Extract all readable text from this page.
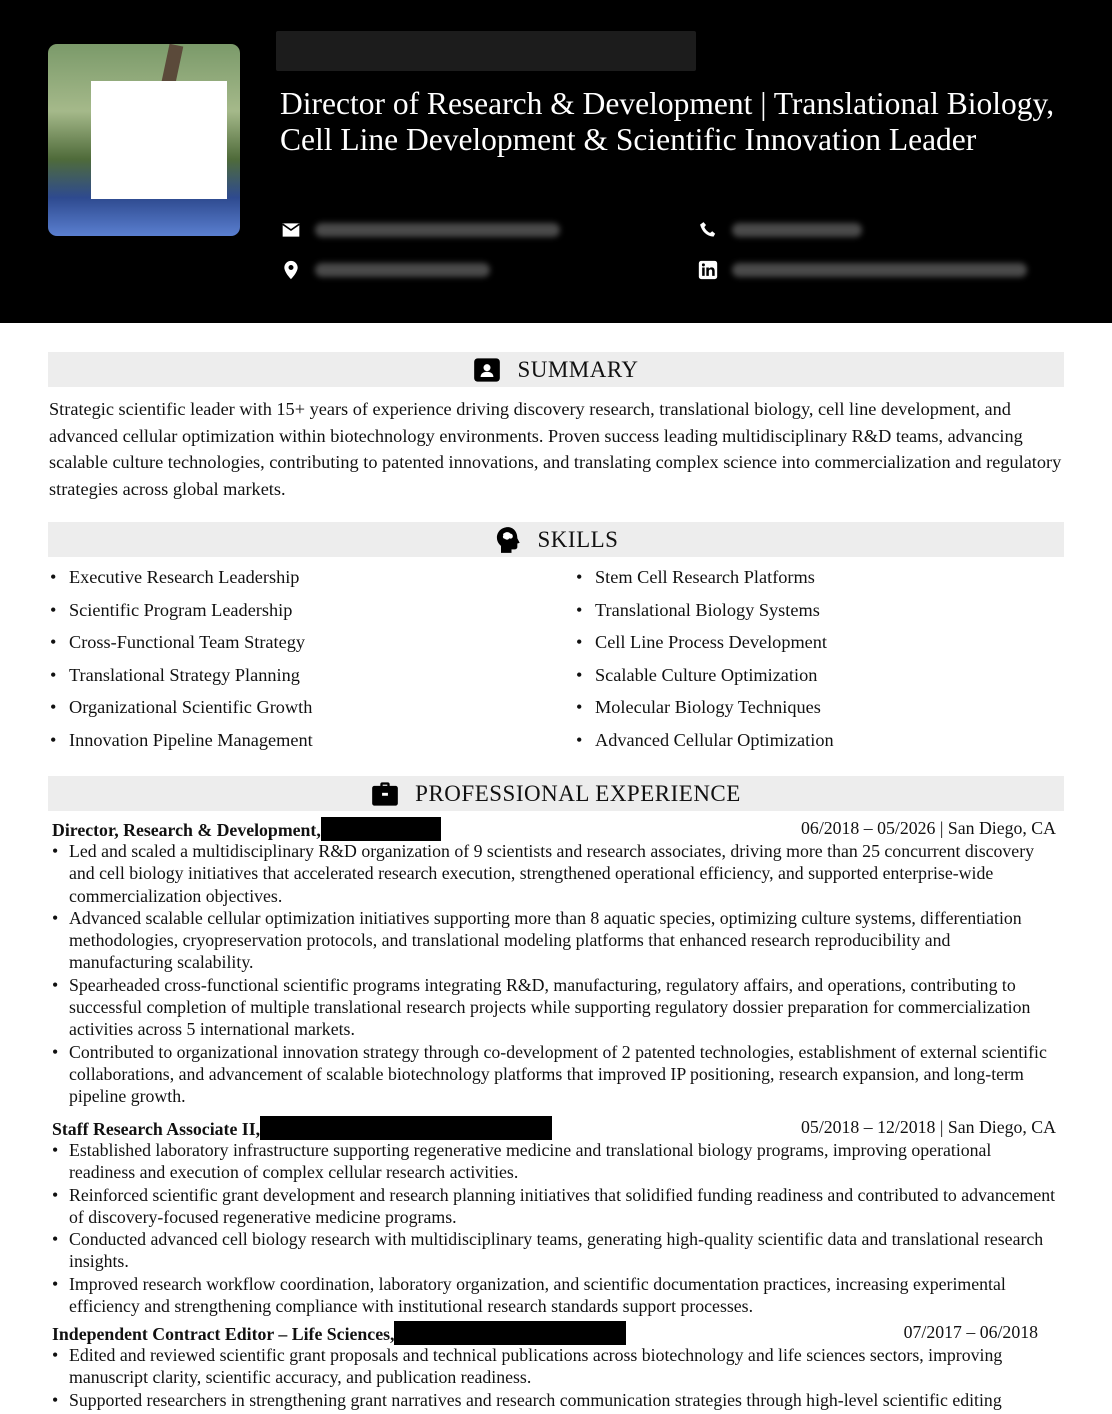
Director of Research & Development | Translational Biology, Cell Line Development & Scientific Innovation Leader
SUMMARY
Strategic scientific leader with 15+ years of experience driving discovery research, translational biology, cell line development, and advanced cellular optimization within biotechnology environments. Proven success leading multidisciplinary R&D teams, advancing scalable culture technologies, contributing to patented innovations, and translating complex science into commercialization and regulatory strategies across global markets.
SKILLS
• Executive Research Leadership
• Scientific Program Leadership
• Cross-Functional Team Strategy
• Translational Strategy Planning
• Organizational Scientific Growth
• Innovation Pipeline Management
• Stem Cell Research Platforms
• Translational Biology Systems
• Cell Line Process Development
• Scalable Culture Optimization
• Molecular Biology Techniques
• Advanced Cellular Optimization
PROFESSIONAL EXPERIENCE
Director, Research & Development,	06/2018 – 05/2026 | San Diego, CA
• Led and scaled a multidisciplinary R&D organization of 9 scientists and research associates, driving more than 25 concurrent discovery and cell biology initiatives that accelerated research execution, strengthened operational efficiency, and supported enterprise-wide commercialization objectives.
• Advanced scalable cellular optimization initiatives supporting more than 8 aquatic species, optimizing culture systems, differentiation methodologies, cryopreservation protocols, and translational modeling platforms that enhanced research reproducibility and manufacturing scalability.
• Spearheaded cross-functional scientific programs integrating R&D, manufacturing, regulatory affairs, and operations, contributing to successful completion of multiple translational research projects while supporting regulatory dossier preparation for commercialization activities across 5 international markets.
• Contributed to organizational innovation strategy through co-development of 2 patented technologies, establishment of external scientific collaborations, and advancement of scalable biotechnology platforms that improved IP positioning, research expansion, and long-term pipeline growth.
Staff Research Associate II,	05/2018 – 12/2018 | San Diego, CA
• Established laboratory infrastructure supporting regenerative medicine and translational biology programs, improving operational readiness and execution of complex cellular research activities.
• Reinforced scientific grant development and research planning initiatives that solidified funding readiness and contributed to advancement of discovery-focused regenerative medicine programs.
• Conducted advanced cell biology research with multidisciplinary teams, generating high-quality scientific data and translational research insights.
• Improved research workflow coordination, laboratory organization, and scientific documentation practices, increasing experimental efficiency and strengthening compliance with institutional research standards support processes.
Independent Contract Editor – Life Sciences,	07/2017 – 06/2018
• Edited and reviewed scientific grant proposals and technical publications across biotechnology and life sciences sectors, improving manuscript clarity, scientific accuracy, and publication readiness.
• Supported researchers in strengthening grant narratives and research communication strategies through high-level scientific editing
